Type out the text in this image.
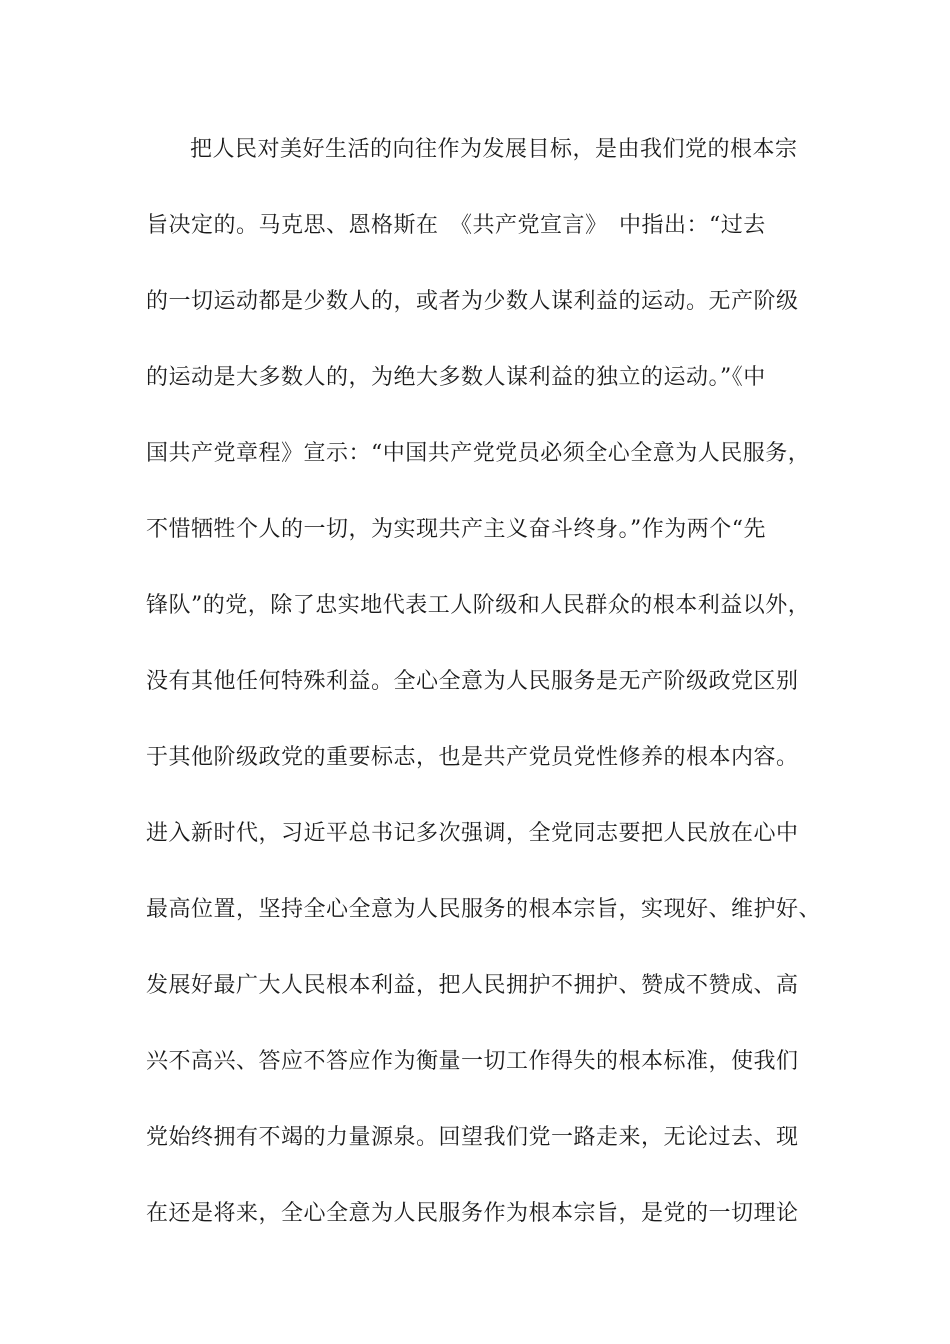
把人民对美好生活的向往作为发展目标，是由我们党的根本宗
旨决定的。马克思、恩格斯在　《共产党宣言》　中指出：“过去
的一切运动都是少数人的，或者为少数人谋利益的运动。无产阶级
的运动是大多数人的，为绝大多数人谋利益的独立的运动。”《中
国共产党章程》宣示：“中国共产党党员必须全心全意为人民服务，
不惜牺牲个人的一切，为实现共产主义奋斗终身。”作为两个“先
锋队”的党，除了忠实地代表工人阶级和人民群众的根本利益以外，
没有其他任何特殊利益。全心全意为人民服务是无产阶级政党区别
于其他阶级政党的重要标志，也是共产党员党性修养的根本内容。
进入新时代，习近平总书记多次强调，全党同志要把人民放在心中
最高位置，坚持全心全意为人民服务的根本宗旨，实现好、维护好、
发展好最广大人民根本利益，把人民拥护不拥护、赞成不赞成、高
兴不高兴、答应不答应作为衡量一切工作得失的根本标准，使我们
党始终拥有不竭的力量源泉。回望我们党一路走来，无论过去、现
在还是将来，全心全意为人民服务作为根本宗旨，是党的一切理论
